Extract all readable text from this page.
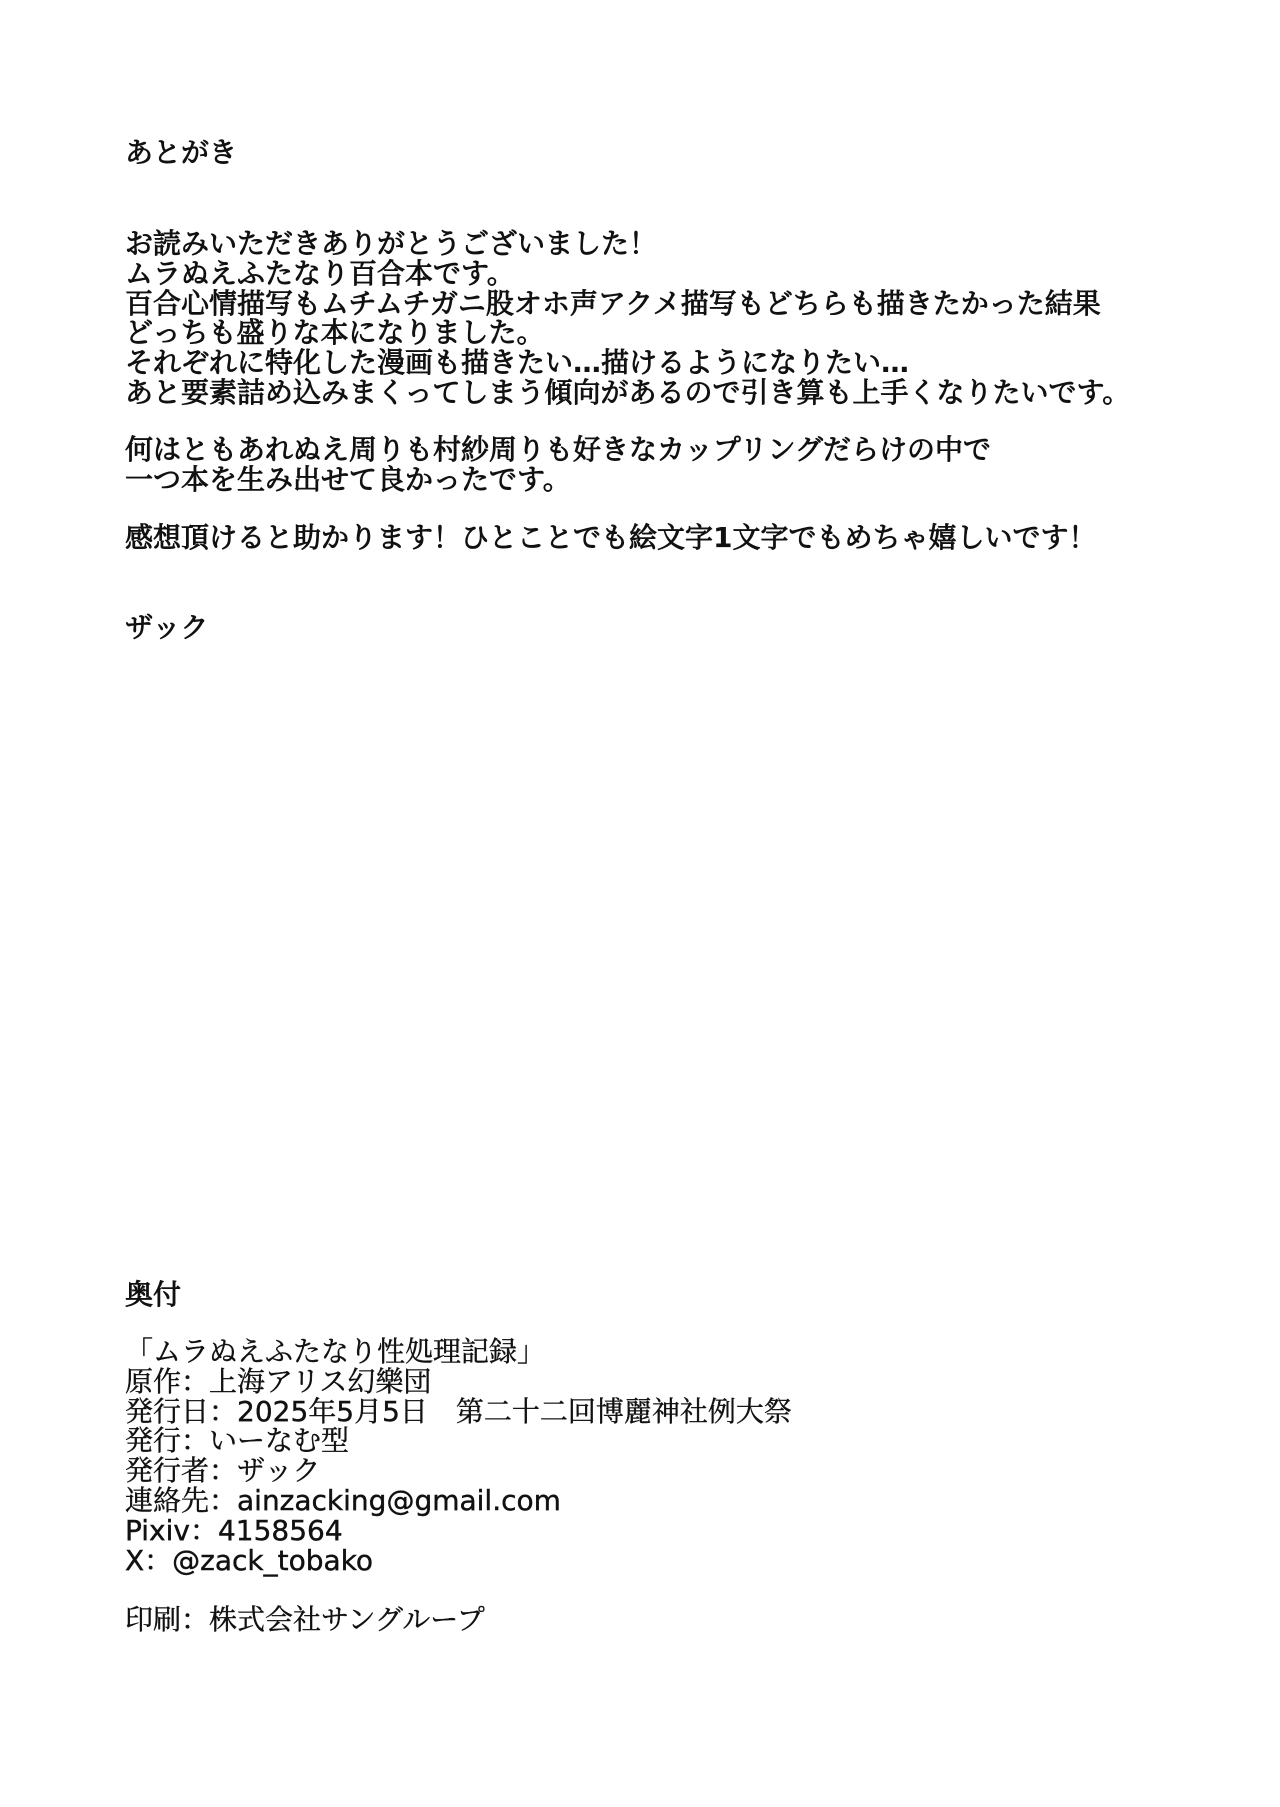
あとがき
お読みいただきありがとうございました！
ムラぬえふたなり百合本です。
百合心情描写もムチムチガニ股オホ声アクメ描写もどちらも描きたかった結果
どっちも盛りな本になりました。
それぞれに特化した漫画も描きたい…描けるようになりたい…
あと要素詰め込みまくってしまう傾向があるので引き算も上手くなりたいです。
何はともあれぬえ周りも村紗周りも好きなカップリングだらけの中で
一つ本を生み出せて良かったです。
感想頂けると助かります！ひとことでも絵文字1文字でもめちゃ嬉しいです！
ザック
奥付
「ムラぬえふたなり性処理記録」
原作：上海アリス幻樂団
発行日：2025年5月5日　第二十二回博麗神社例大祭
発行：いーなむ型
発行者：ザック
連絡先：ainzacking@gmail.com
Pixiv：4158564
X：@zack_tobako
印刷：株式会社サングループ
